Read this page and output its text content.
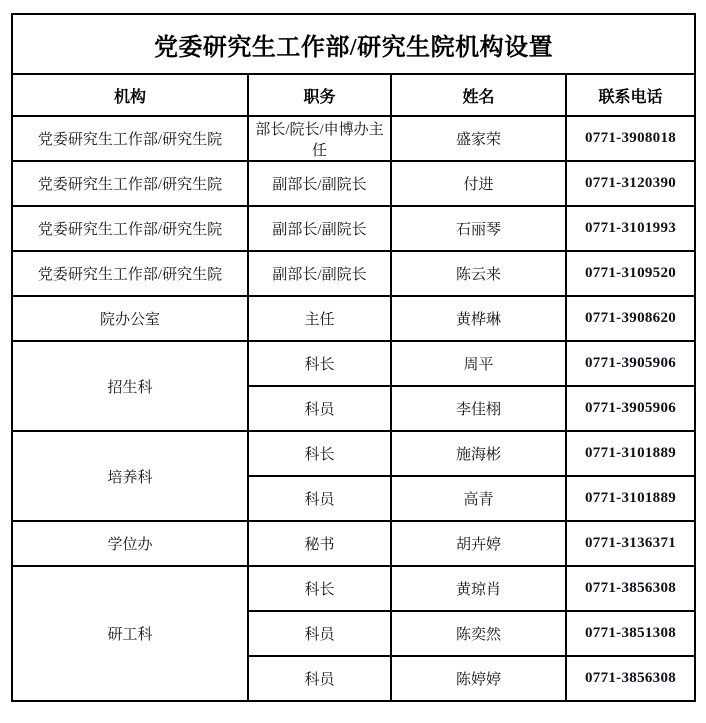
党委研究生工作部/研究生院机构设置			
机构	职务	姓名	联系电话
党委研究生工作部/研究生院	部长/院长/申博办主任	盛家荣	0771-3908018
党委研究生工作部/研究生院	副部长/副院长	付进	0771-3120390
党委研究生工作部/研究生院	副部长/副院长	石丽琴	0771-3101993
党委研究生工作部/研究生院	副部长/副院长	陈云来	0771-3109520
院办公室	主任	黄桦琳	0771-3908620
招生科	科长	周平	0771-3905906
	科员	李佳栩	0771-3905906
培养科	科长	施海彬	0771-3101889
	科员	高青	0771-3101889
学位办	秘书	胡卉婷	0771-3136371
研工科	科长	黄琼肖	0771-3856308
	科员	陈奕然	0771-3851308
	科员	陈婷婷	0771-3856308
